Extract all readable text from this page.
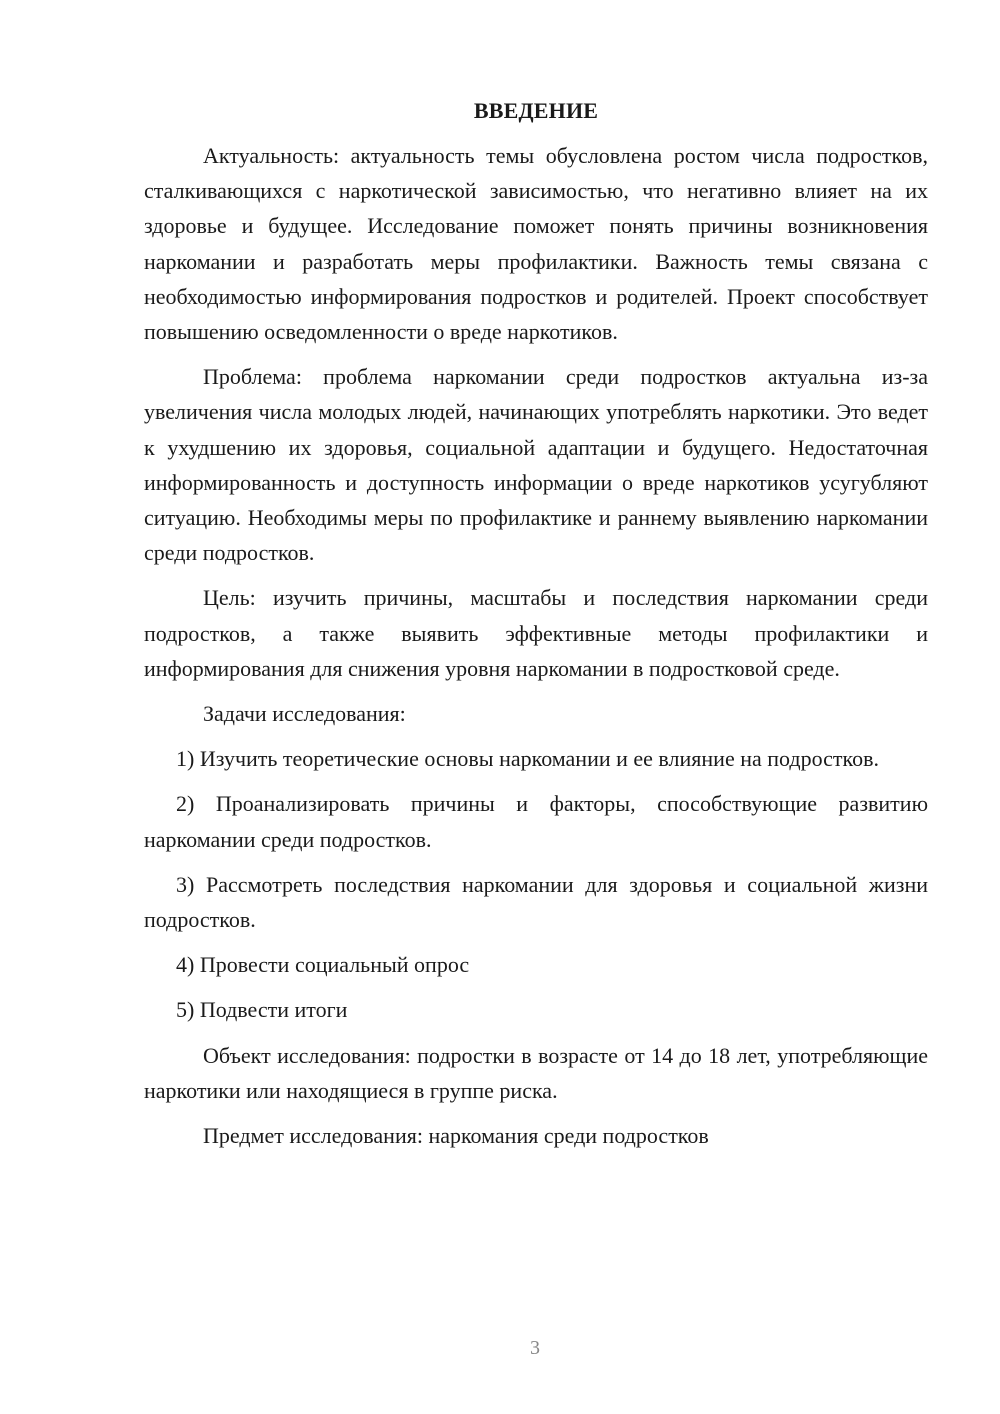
ВВЕДЕНИЕ

Актуальность: актуальность темы обусловлена ростом числа подростков, сталкивающихся с наркотической зависимостью, что негативно влияет на их здоровье и будущее. Исследование поможет понять причины возникновения наркомании и разработать меры профилактики. Важность темы связана с необходимостью информирования подростков и родителей. Проект способствует повышению осведомленности о вреде наркотиков.

Проблема: проблема наркомании среди подростков актуальна из-за увеличения числа молодых людей, начинающих употреблять наркотики. Это ведет к ухудшению их здоровья, социальной адаптации и будущего. Недостаточная информированность и доступность информации о вреде наркотиков усугубляют ситуацию. Необходимы меры по профилактике и раннему выявлению наркомании среди подростков.

Цель: изучить причины, масштабы и последствия наркомании среди подростков, а также выявить эффективные методы профилактики и информирования для снижения уровня наркомании в подростковой среде.

Задачи исследования:

1) Изучить теоретические основы наркомании и ее влияние на подростков.

2) Проанализировать причины и факторы, способствующие развитию наркомании среди подростков.

3) Рассмотреть последствия наркомании для здоровья и социальной жизни подростков.

4) Провести социальный опрос

5) Подвести итоги

Объект исследования: подростки в возрасте от 14 до 18 лет, употребляющие наркотики или находящиеся в группе риска.

Предмет исследования: наркомания среди подростков

3
